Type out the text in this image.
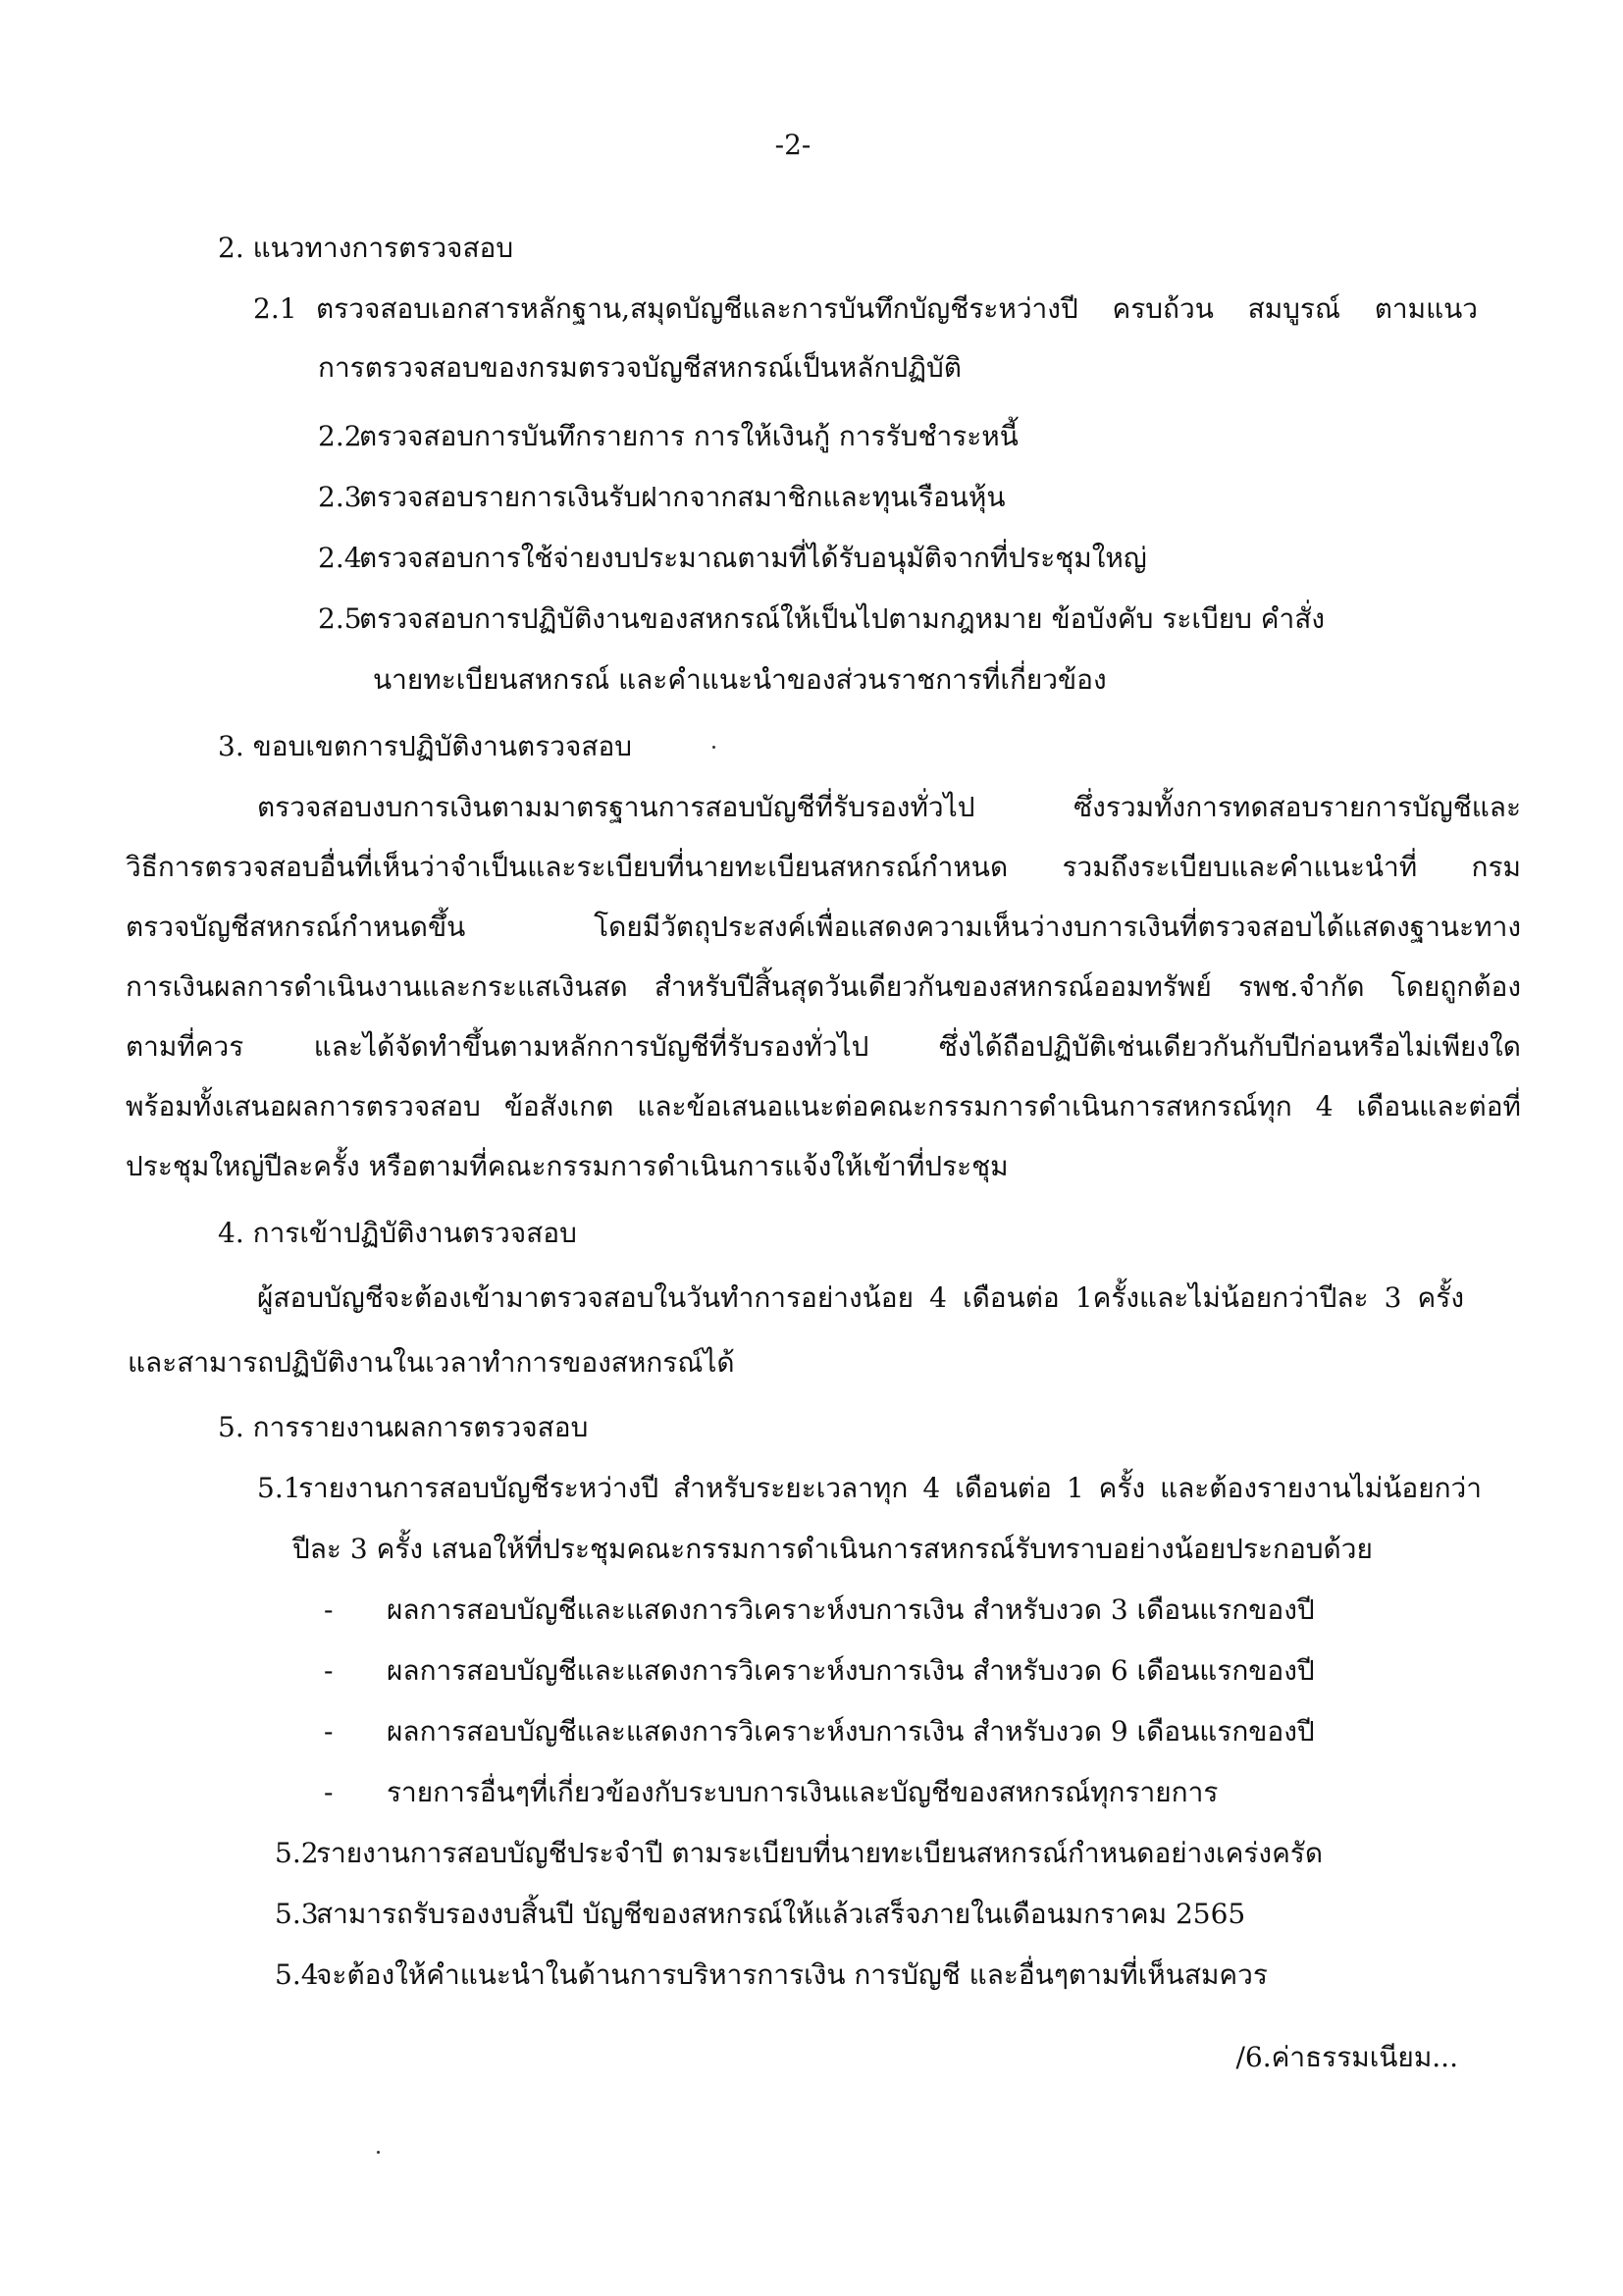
-2-
2. แนวทางการตรวจสอบ
2.1 ตรวจสอบเอกสารหลักฐาน,สมุดบัญชีและการบันทึกบัญชีระหว่างปี ครบถ้วน สมบูรณ์ ตามแนว
การตรวจสอบของกรมตรวจบัญชีสหกรณ์เป็นหลักปฏิบัติ
2.2ตรวจสอบการบันทึกรายการ การให้เงินกู้ การรับชำระหนี้
2.3ตรวจสอบรายการเงินรับฝากจากสมาชิกและทุนเรือนหุ้น
2.4ตรวจสอบการใช้จ่ายงบประมาณตามที่ได้รับอนุมัติจากที่ประชุมใหญ่
2.5ตรวจสอบการปฏิบัติงานของสหกรณ์ให้เป็นไปตามกฎหมาย ข้อบังคับ ระเบียบ คำสั่ง
นายทะเบียนสหกรณ์ และคำแนะนำของส่วนราชการที่เกี่ยวข้อง
3. ขอบเขตการปฏิบัติงานตรวจสอบ
ตรวจสอบงบการเงินตามมาตรฐานการสอบบัญชีที่รับรองทั่วไป ซึ่งรวมทั้งการทดสอบรายการบัญชีและ
วิธีการตรวจสอบอื่นที่เห็นว่าจำเป็นและระเบียบที่นายทะเบียนสหกรณ์กำหนด รวมถึงระเบียบและคำแนะนำที่ กรม
ตรวจบัญชีสหกรณ์กำหนดขึ้น โดยมีวัตถุประสงค์เพื่อแสดงความเห็นว่างบการเงินที่ตรวจสอบได้แสดงฐานะทาง
การเงินผลการดำเนินงานและกระแสเงินสด สำหรับปีสิ้นสุดวันเดียวกันของสหกรณ์ออมทรัพย์ รพช.จำกัด โดยถูกต้อง
ตามที่ควร และได้จัดทำขึ้นตามหลักการบัญชีที่รับรองทั่วไป ซึ่งได้ถือปฏิบัติเช่นเดียวกันกับปีก่อนหรือไม่เพียงใด
พร้อมทั้งเสนอผลการตรวจสอบ ข้อสังเกต และข้อเสนอแนะต่อคณะกรรมการดำเนินการสหกรณ์ทุก 4 เดือนและต่อที่
ประชุมใหญ่ปีละครั้ง หรือตามที่คณะกรรมการดำเนินการแจ้งให้เข้าที่ประชุม
4. การเข้าปฏิบัติงานตรวจสอบ
ผู้สอบบัญชีจะต้องเข้ามาตรวจสอบในวันทำการอย่างน้อย 4 เดือนต่อ 1ครั้งและไม่น้อยกว่าปีละ 3 ครั้ง
และสามารถปฏิบัติงานในเวลาทำการของสหกรณ์ได้
5. การรายงานผลการตรวจสอบ
5.1รายงานการสอบบัญชีระหว่างปี สำหรับระยะเวลาทุก 4 เดือนต่อ 1 ครั้ง และต้องรายงานไม่น้อยกว่า
ปีละ 3 ครั้ง เสนอให้ที่ประชุมคณะกรรมการดำเนินการสหกรณ์รับทราบอย่างน้อยประกอบด้วย
- ผลการสอบบัญชีและแสดงการวิเคราะห์งบการเงิน สำหรับงวด 3 เดือนแรกของปี
- ผลการสอบบัญชีและแสดงการวิเคราะห์งบการเงิน สำหรับงวด 6 เดือนแรกของปี
- ผลการสอบบัญชีและแสดงการวิเคราะห์งบการเงิน สำหรับงวด 9 เดือนแรกของปี
- รายการอื่นๆที่เกี่ยวข้องกับระบบการเงินและบัญชีของสหกรณ์ทุกรายการ
5.2รายงานการสอบบัญชีประจำปี ตามระเบียบที่นายทะเบียนสหกรณ์กำหนดอย่างเคร่งครัด
5.3สามารถรับรองงบสิ้นปี บัญชีของสหกรณ์ให้แล้วเสร็จภายในเดือนมกราคม 2565
5.4จะต้องให้คำแนะนำในด้านการบริหารการเงิน การบัญชี และอื่นๆตามที่เห็นสมควร
/6.ค่าธรรมเนียม...
